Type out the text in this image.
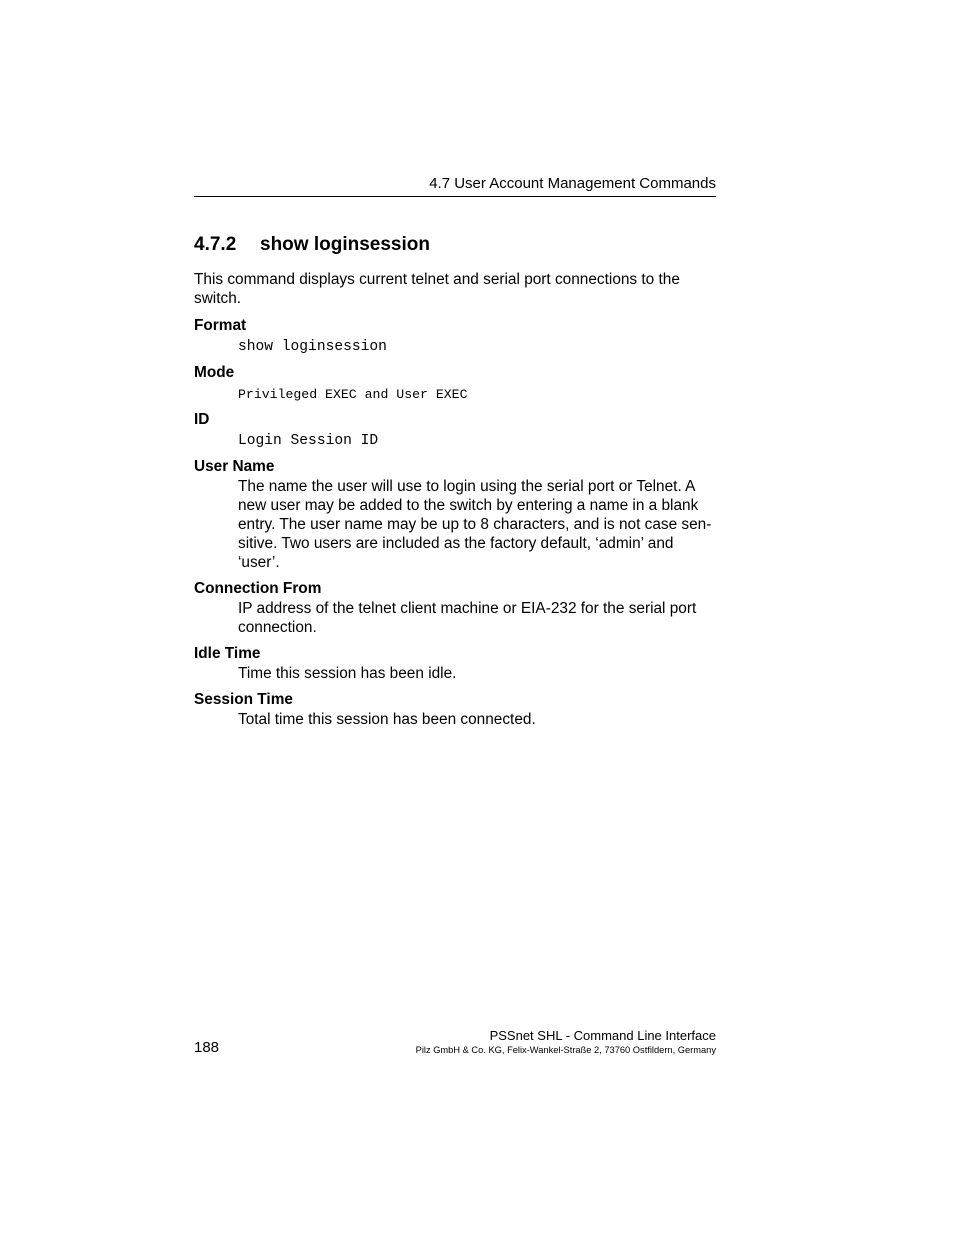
4.7 User Account Management Commands
4.7.2 show loginsession

This command displays current telnet and serial port connections to the switch.

Format
show loginsession
Mode
Privileged EXEC and User EXEC
ID
Login Session ID
User Name
The name the user will use to login using the serial port or Telnet. A new user may be added to the switch by entering a name in a blank entry. The user name may be up to 8 characters, and is not case sen-sitive. Two users are included as the factory default, ‘admin’ and ‘user’.
Connection From
IP address of the telnet client machine or EIA-232 for the serial port connection.
Idle Time
Time this session has been idle.
Session Time
Total time this session has been connected.
188
PSSnet SHL - Command Line Interface
Pilz GmbH & Co. KG, Felix-Wankel-Straße 2, 73760 Ostfildern, Germany
